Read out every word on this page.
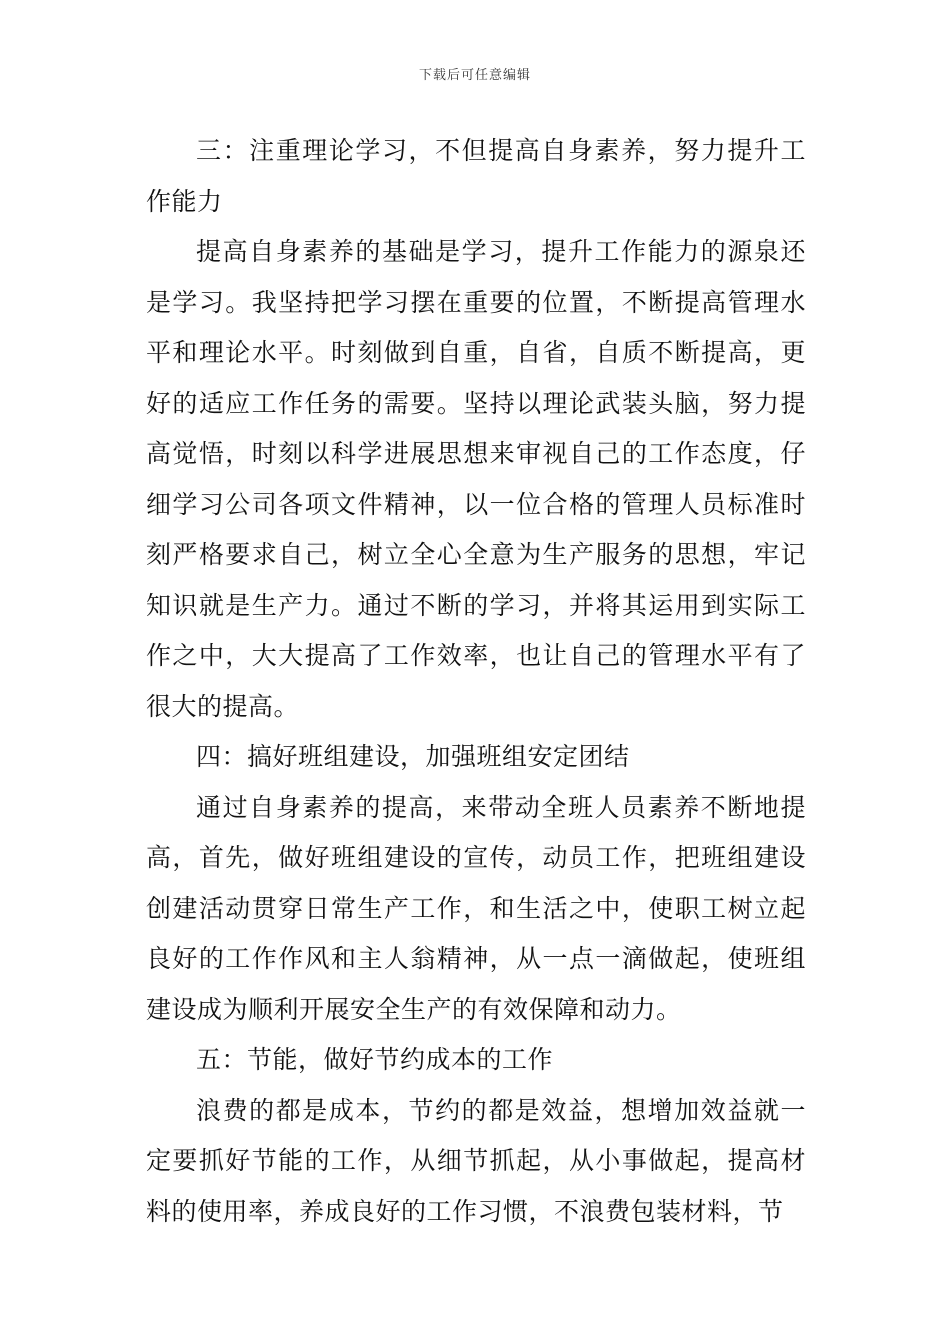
下载后可任意编辑

三：注重理论学习，不但提高自身素养，努力提升工作能力

提高自身素养的基础是学习，提升工作能力的源泉还是学习。我坚持把学习摆在重要的位置，不断提高管理水平和理论水平。时刻做到自重，自省，自质不断提高，更好的适应工作任务的需要。坚持以理论武装头脑，努力提高觉悟，时刻以科学进展思想来审视自己的工作态度，仔细学习公司各项文件精神，以一位合格的管理人员标准时刻严格要求自己，树立全心全意为生产服务的思想，牢记知识就是生产力。通过不断的学习，并将其运用到实际工作之中，大大提高了工作效率，也让自己的管理水平有了很大的提高。

四：搞好班组建设，加强班组安定团结

通过自身素养的提高，来带动全班人员素养不断地提高，首先，做好班组建设的宣传，动员工作，把班组建设创建活动贯穿日常生产工作，和生活之中，使职工树立起良好的工作作风和主人翁精神，从一点一滴做起，使班组建设成为顺利开展安全生产的有效保障和动力。

五：节能，做好节约成本的工作

浪费的都是成本，节约的都是效益，想增加效益就一定要抓好节能的工作，从细节抓起，从小事做起，提高材料的使用率，养成良好的工作习惯，不浪费包装材料，节
